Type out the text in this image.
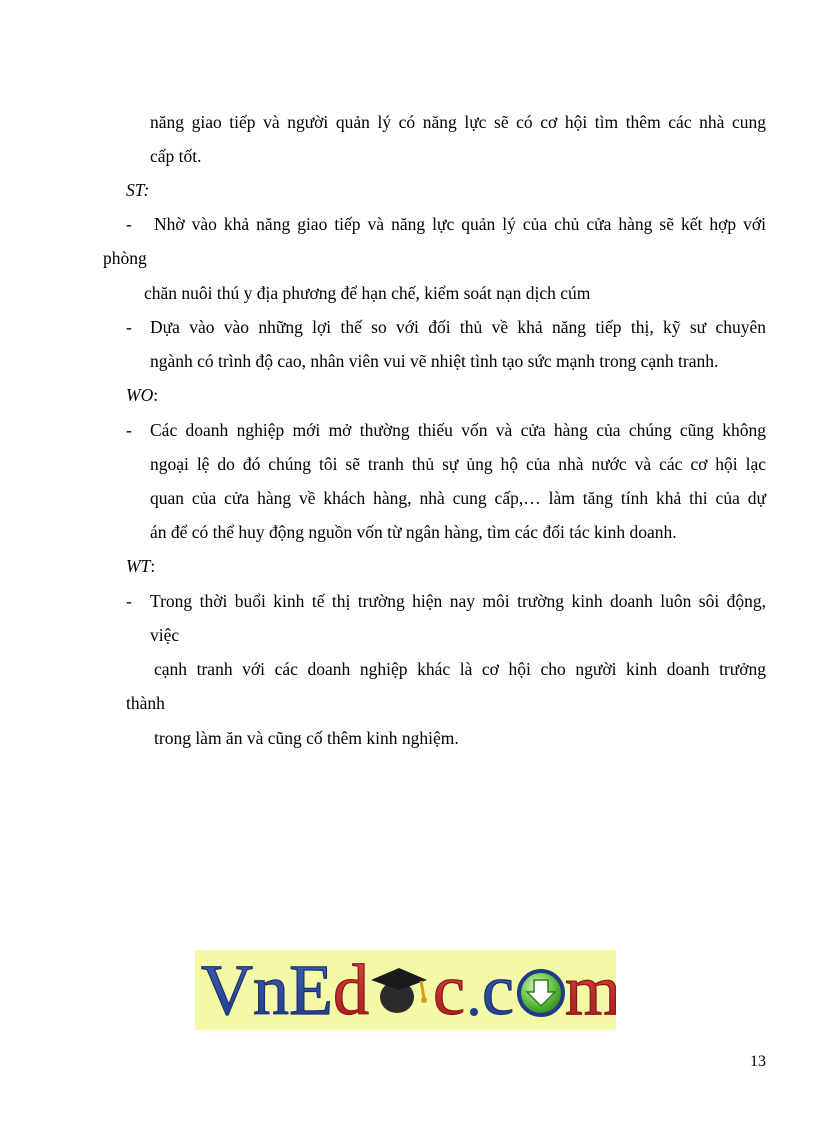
năng giao tiếp và người quản lý có năng lực sẽ có cơ hội tìm thêm các nhà cung
cấp tốt.
ST:
- Nhờ vào khả năng giao tiếp và năng lực quản lý của chủ cửa hàng sẽ kết hợp với
phòng
chăn nuôi thú y địa phương để hạn chế, kiểm soát nạn dịch cúm
- Dựa vào vào những lợi thế so với đối thủ về khả năng tiếp thị, kỹ sư chuyên
ngành có trình độ cao, nhân viên vui vẽ nhiệt tình tạo sức mạnh trong cạnh tranh.
WO:
- Các doanh nghiệp mới mở thường thiếu vốn và cửa hàng của chúng cũng không
ngoại lệ do đó chúng tôi sẽ tranh thủ sự ủng hộ của nhà nước và các cơ hội lạc
quan của cửa hàng về khách hàng, nhà cung cấp,… làm tăng tính khả thi của dự
án để có thể huy động nguồn vốn từ ngân hàng, tìm các đối tác kinh doanh.
WT:
- Trong thời buổi kinh tế thị trường hiện nay môi trường kinh doanh luôn sôi động,
việc
cạnh tranh với các doanh nghiệp khác là cơ hội cho người kinh doanh trưởng
thành
trong làm ăn và cũng cố thêm kinh nghiệm.
VnE d c c m
13
